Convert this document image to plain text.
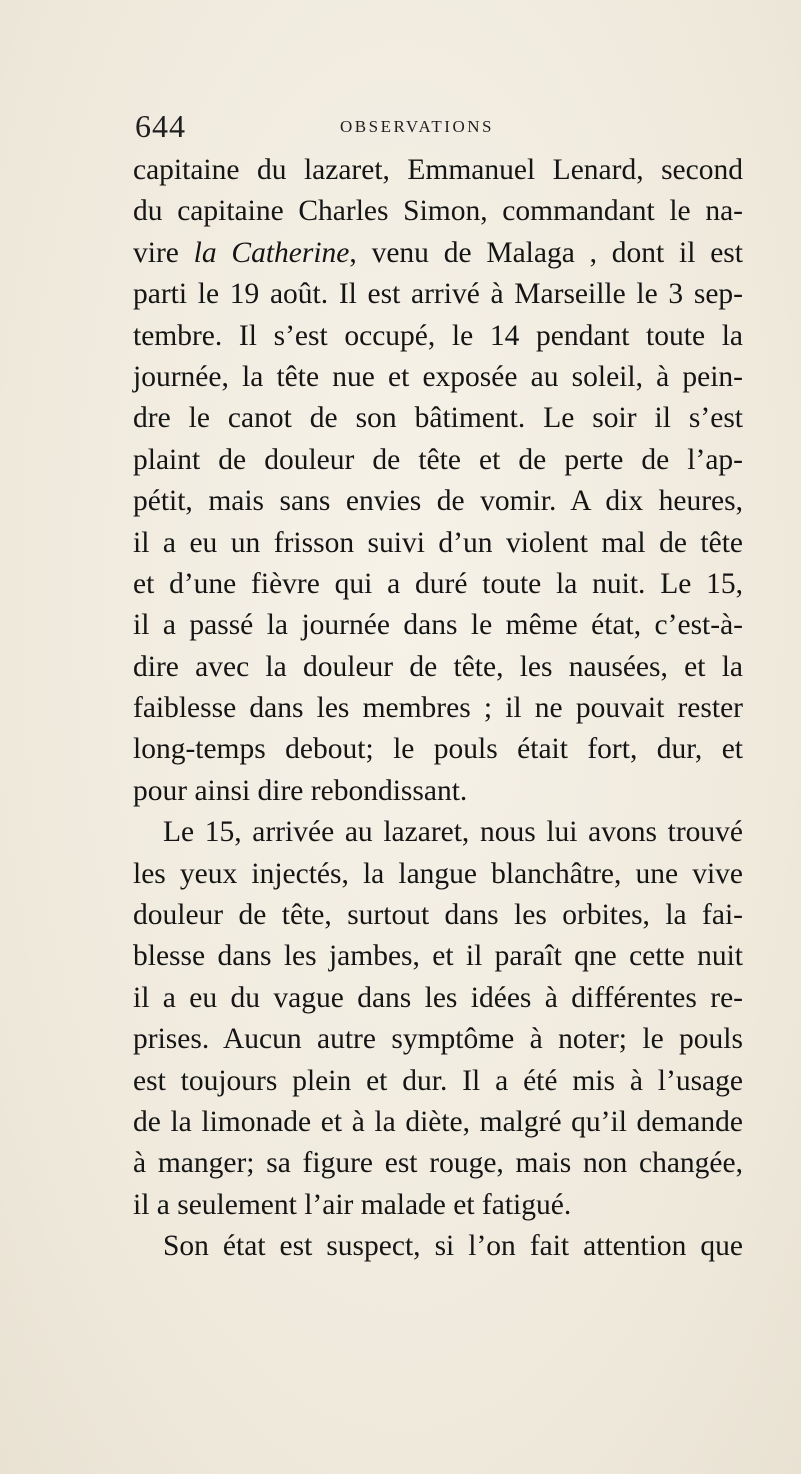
644	OBSERVATIONS
capitaine du lazaret, Emmanuel Lenard, second
du capitaine Charles Simon, commandant le na-
vire la Catherine, venu de Malaga , dont il est
parti le 19 août. Il est arrivé à Marseille le 3 sep-
tembre. Il s’est occupé, le 14 pendant toute la
journée, la tête nue et exposée au soleil, à pein-
dre le canot de son bâtiment. Le soir il s’est
plaint de douleur de tête et de perte de l’ap-
pétit, mais sans envies de vomir. A dix heures,
il a eu un frisson suivi d’un violent mal de tête
et d’une fièvre qui a duré toute la nuit. Le 15,
il a passé la journée dans le même état, c’est-à-
dire avec la douleur de tête, les nausées, et la
faiblesse dans les membres ; il ne pouvait rester
long-temps debout; le pouls était fort, dur, et
pour ainsi dire rebondissant.
Le 15, arrivée au lazaret, nous lui avons trouvé
les yeux injectés, la langue blanchâtre, une vive
douleur de tête, surtout dans les orbites, la fai-
blesse dans les jambes, et il paraît qne cette nuit
il a eu du vague dans les idées à différentes re-
prises. Aucun autre symptôme à noter; le pouls
est toujours plein et dur. Il a été mis à l’usage
de la limonade et à la diète, malgré qu’il demande
à manger; sa figure est rouge, mais non changée,
il a seulement l’air malade et fatigué.
Son état est suspect, si l’on fait attention que
